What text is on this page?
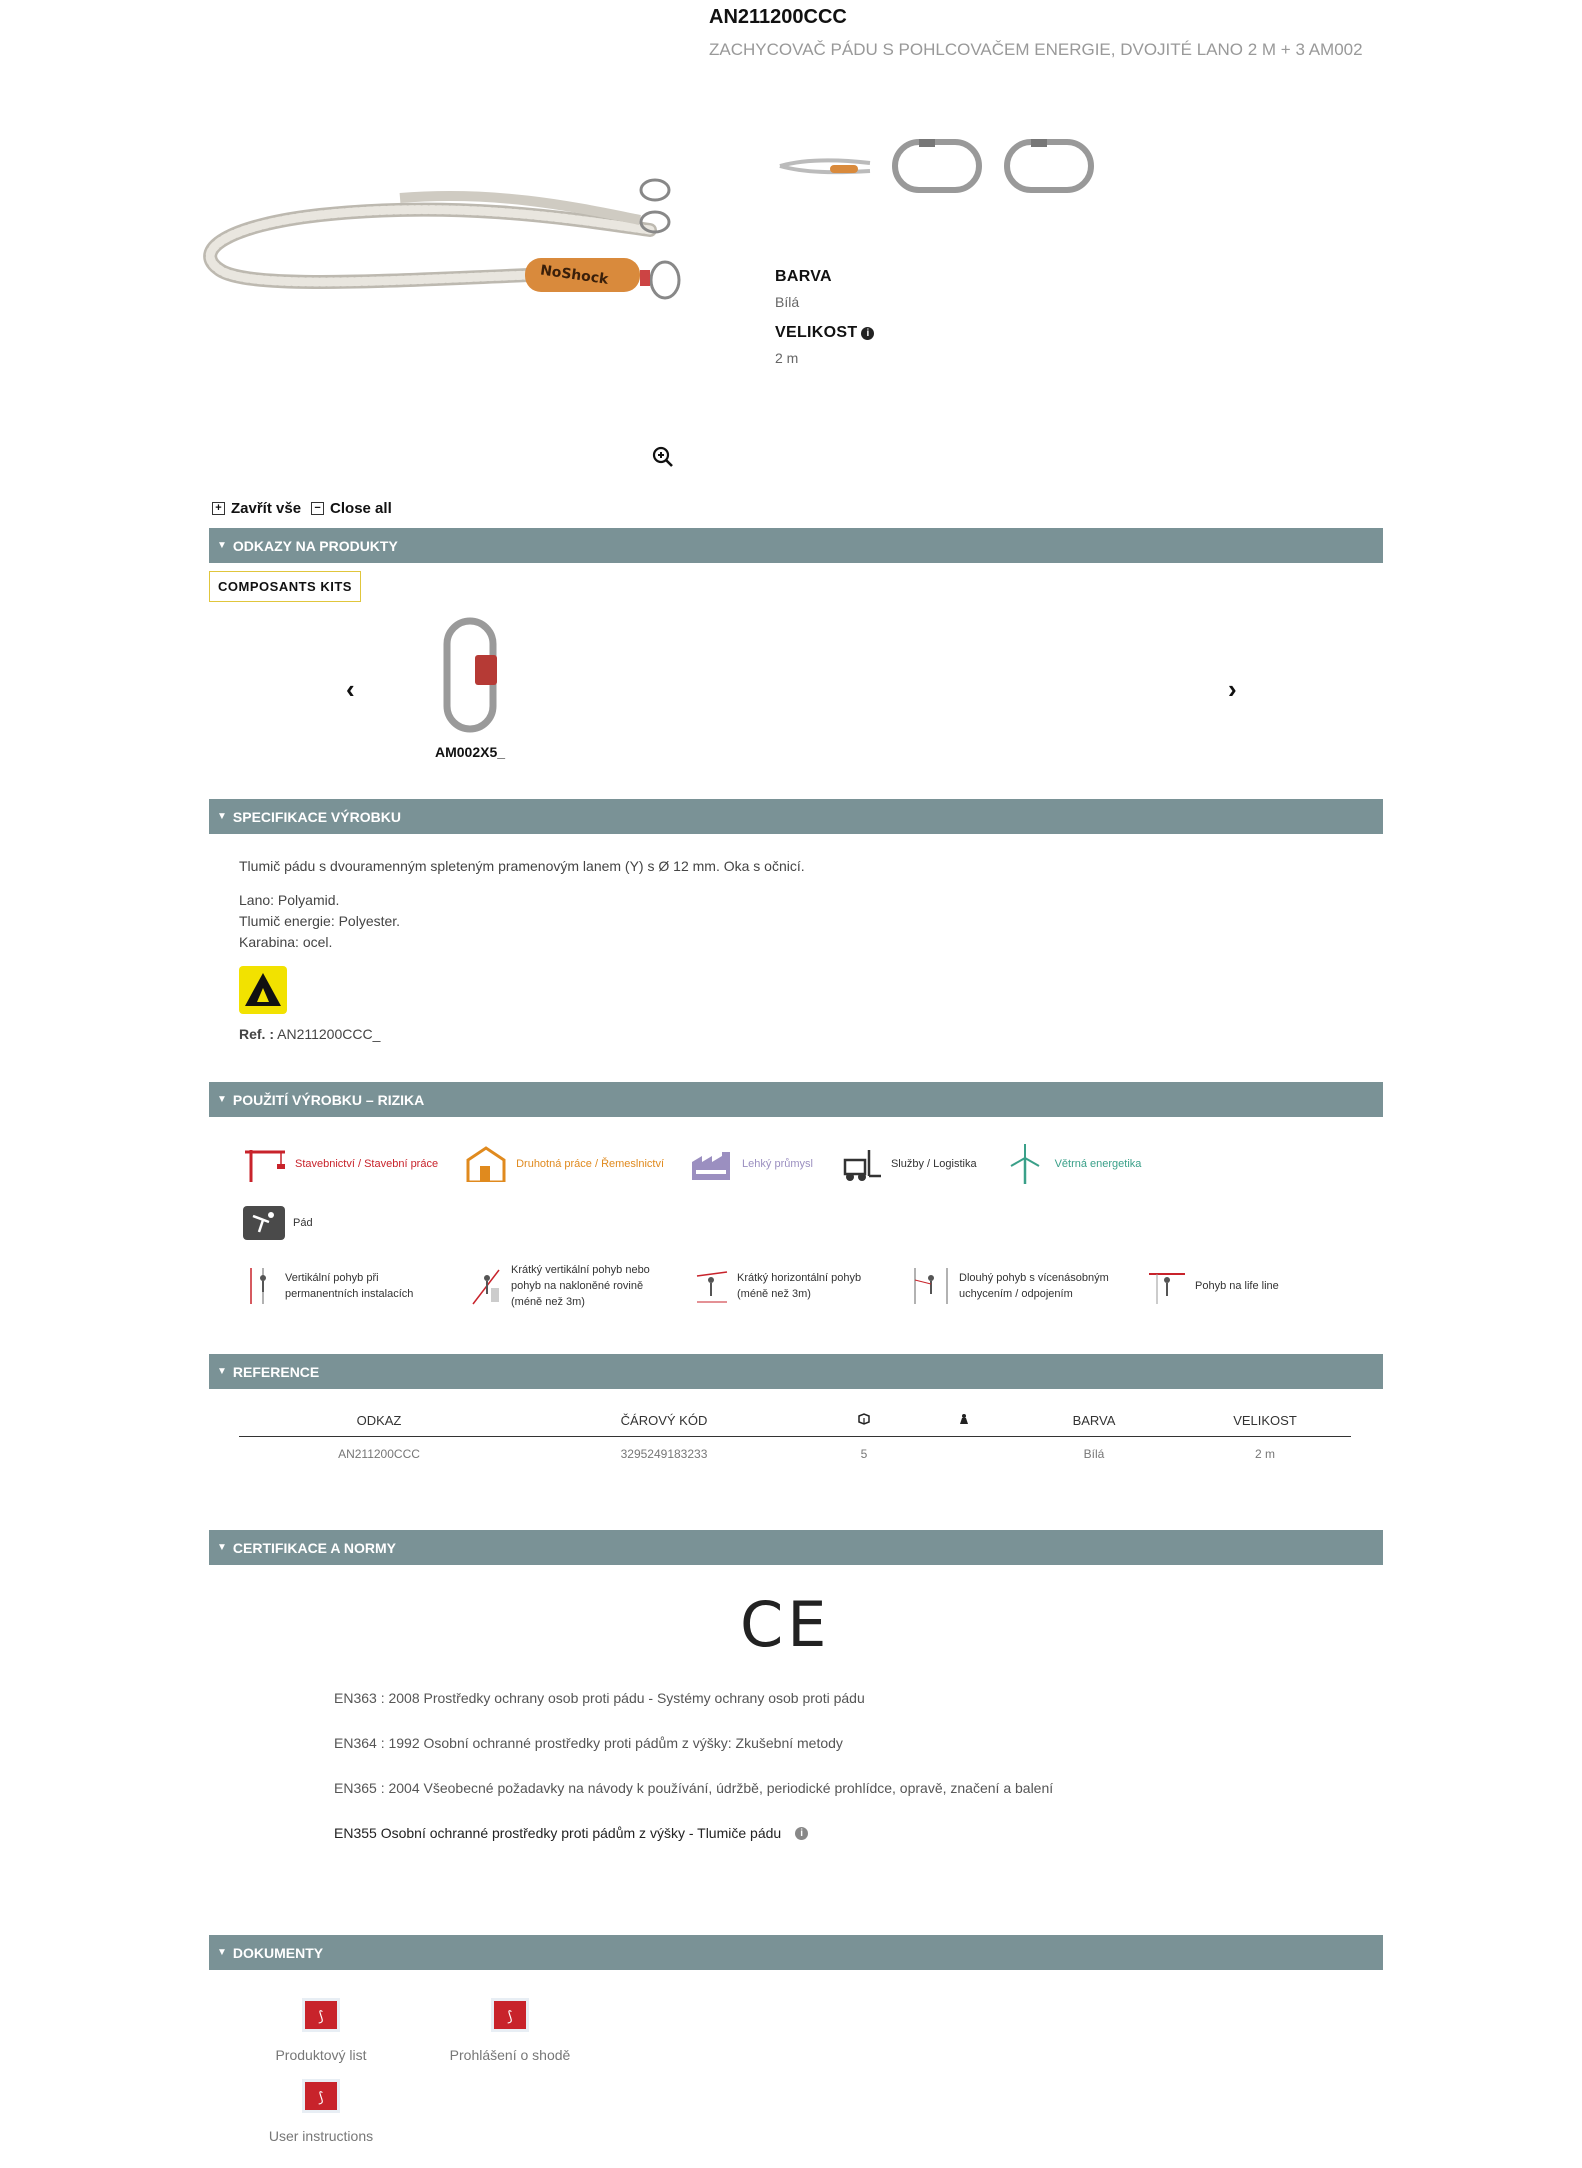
AN211200CCC
ZACHYCOVAČ PÁDU S POHLCOVAČEM ENERGIE, DVOJITÉ LANO 2 M + 3 AM002
NoShock	BARVA
Bílá
VELIKOST i
2 m
+ Zavřít vše − Close all
▼ ODKAZY NA PRODUKTY
COMPOSANTS KITS
‹	›
AM002X5_
▼ SPECIFIKACE VÝROBKU
Tlumič pádu s dvouramenným spleteným pramenovým lanem (Y) s Ø 12 mm. Oka s očnicí.
Lano: Polyamid.
Tlumič energie: Polyester.
Karabina: ocel.
Ref. : AN211200CCC_
▼ POUŽITÍ VÝROBKU – RIZIKA
Stavebnictví / Stavební práce	Druhotná práce / Řemeslnictví	Lehký průmysl	Služby / Logistika	Větrná energetika
Pád
Vertikální pohyb při
permanentních instalacích
Krátký vertikální pohyb nebo
pohyb na nakloněné rovině
(méně než 3m)
Krátký horizontální pohyb
(méně než 3m)
Dlouhý pohyb s vícenásobným
uchycením / odpojením
Pohyb na life line
▼ REFERENCE
ODKAZ	ČÁROVÝ KÓD			BARVA	VELIKOST
AN211200CCC	3295249183233	5		Bílá	2 m
▼ CERTIFIKACE A NORMY
CE
EN363 : 2008 Prostředky ochrany osob proti pádu - Systémy ochrany osob proti pádu
EN364 : 1992 Osobní ochranné prostředky proti pádům z výšky: Zkušební metody
EN365 : 2004 Všeobecné požadavky na návody k používání, údržbě, periodické prohlídce, opravě, značení a balení
EN355 Osobní ochranné prostředky proti pádům z výšky - Tlumiče pádu	i
▼ DOKUMENTY
⟆
Produktový list
⟆
Prohlášení o shodě
⟆
User instructions
